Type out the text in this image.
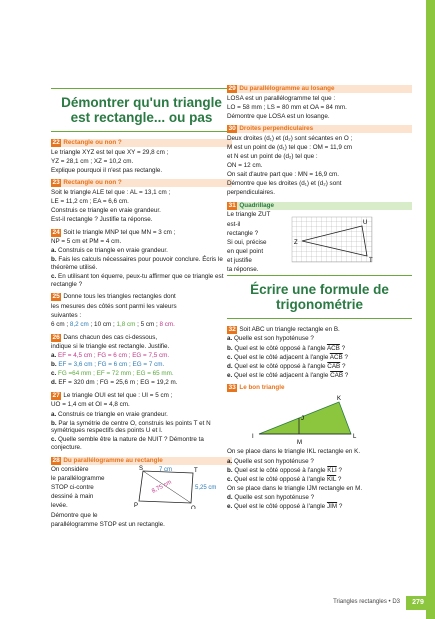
Démontrer qu'un triangle est rectangle... ou pas

22 Rectangle ou non ?

Le triangle XYZ est tel que XY = 29,8 cm ;

YZ = 28,1 cm ; XZ = 10,2 cm.

Explique pourquoi il n'est pas rectangle.

23 Rectangle ou non ?

Soit le triangle ALE tel que : AL = 13,1 cm ;

LE = 11,2 cm ; EA = 6,6 cm.

Construis ce triangle en vraie grandeur.

Est-il rectangle ? Justifie ta réponse.

24 Soit le triangle MNP tel que MN = 3 cm ;

NP = 5 cm et PM = 4 cm.

a. Construis ce triangle en vraie grandeur.

b. Fais les calculs nécessaires pour pouvoir conclure. Écris le théorème utilisé.

c. En utilisant ton équerre, peux-tu affirmer que ce triangle est rectangle ?

25 Donne tous les triangles rectangles dont

les mesures des côtés sont parmi les valeurs

suivantes :

6 cm ; 8,2 cm ; 10 cm ; 1,8 cm ; 5 cm ; 8 cm.

26 Dans chacun des cas ci-dessous,

indique si le triangle est rectangle. Justifie.

a. EF = 4,5 cm ; FG = 6 cm ; EG = 7,5 cm.

b. EF = 3,6 cm ; FG = 6 cm ; EG = 7 cm.

c. FG =64 mm ; EF = 72 mm ; EG = 65 mm.

d. EF = 320 dm ; FG = 25,6 m ; EG = 19,2 m.

27 Le triangle OUI est tel que : UI = 5 cm ;

UO = 1,4 cm et OI = 4,8 cm.

a. Construis ce triangle en vraie grandeur.

b. Par la symétrie de centre O, construis les points T et N symétriques respectifs des points U et I.

c. Quelle semble être la nature de NUIT ? Démontre ta conjecture.

28 Du parallélogramme au rectangle

On considère

le parallélogramme

STOP ci-contre

dessiné à main

levée.

Démontre que le

parallélogramme STOP est un rectangle.

S	T
O
P
7 cm
8,75 cm	5,25 cm

29 Du parallélogramme au losange

LOSA est un parallélogramme tel que :

LO = 58 mm ; LS = 80 mm et OA = 84 mm.

Démontre que LOSA est un losange.

30 Droites perpendiculaires

Deux droites (d₁) et (d₂) sont sécantes en O ;

M est un point de (d₁) tel que : OM = 11,9 cm

et N est un point de (d₂) tel que :

ON = 12 cm.

On sait d'autre part que : MN = 16,9 cm.

Démontre que les droites (d₁) et (d₂) sont

perpendiculaires.

31 Quadrillage

Le triangle ZUT

est-il

rectangle ?

Si oui, précise

en quel point

et justifie

ta réponse.

Z
U
T
Écrire une formule de trigonométrie

32 Soit ABC un triangle rectangle en B.

a. Quelle est son hypoténuse ?

b. Quel est le côté opposé à l'angle $\overline{ACB}$ ?

c. Quel est le côté adjacent à l'angle $\overline{ACB}$ ?

d. Quel est le côté opposé à l'angle $\overline{CAB}$ ?

e. Quel est le côté adjacent à l'angle $\overline{CAB}$ ?

33 Le bon triangle

K
J
I	L
M

On se place dans le triangle IKL rectangle en K.

a. Quelle est son hypoténuse ?

b. Quel est le côté opposé à l'angle $\overline{KLI}$ ?

c. Quel est le côté opposé à l'angle $\overline{KIL}$ ?

On se place dans le triangle IJM rectangle en M.

d. Quelle est son hypoténuse ?

e. Quel est le côté opposé à l'angle $\overline{JIM}$ ?

Triangles rectangles • D3	279
